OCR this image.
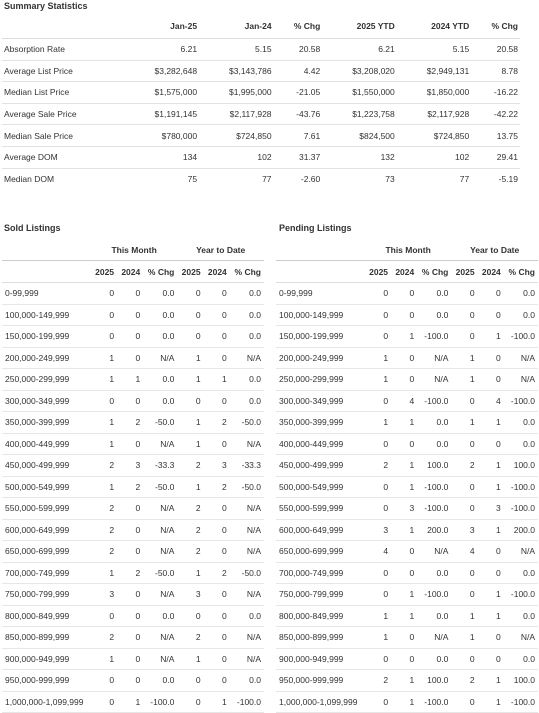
Summary Statistics
	Jan-25	Jan-24	% Chg	2025 YTD	2024 YTD	% Chg
Absorption Rate	6.21	5.15	20.58	6.21	5.15	20.58
Average List Price	$3,282,648	$3,143,786	4.42	$3,208,020	$2,949,131	8.78
Median List Price	$1,575,000	$1,995,000	-21.05	$1,550,000	$1,850,000	-16.22
Average Sale Price	$1,191,145	$2,117,928	-43.76	$1,223,758	$2,117,928	-42.22
Median Sale Price	$780,000	$724,850	7.61	$824,500	$724,850	13.75
Average DOM	134	102	31.37	132	102	29.41
Median DOM	75	77	-2.60	73	77	-5.19
Sold Listings
	This Month			Year to Date		
	2025	2024	% Chg	2025	2024	% Chg
0-99,999	0	0	0.0	0	0	0.0
100,000-149,999	0	0	0.0	0	0	0.0
150,000-199,999	0	0	0.0	0	0	0.0
200,000-249,999	1	0	N/A	1	0	N/A
250,000-299,999	1	1	0.0	1	1	0.0
300,000-349,999	0	0	0.0	0	0	0.0
350,000-399,999	1	2	-50.0	1	2	-50.0
400,000-449,999	1	0	N/A	1	0	N/A
450,000-499,999	2	3	-33.3	2	3	-33.3
500,000-549,999	1	2	-50.0	1	2	-50.0
550,000-599,999	2	0	N/A	2	0	N/A
600,000-649,999	2	0	N/A	2	0	N/A
650,000-699,999	2	0	N/A	2	0	N/A
700,000-749,999	1	2	-50.0	1	2	-50.0
750,000-799,999	3	0	N/A	3	0	N/A
800,000-849,999	0	0	0.0	0	0	0.0
850,000-899,999	2	0	N/A	2	0	N/A
900,000-949,999	1	0	N/A	1	0	N/A
950,000-999,999	0	0	0.0	0	0	0.0
1,000,000-1,099,999	0	1	-100.0	0	1	-100.0
Pending Listings
	This Month			Year to Date		
	2025	2024	% Chg	2025	2024	% Chg
0-99,999	0	0	0.0	0	0	0.0
100,000-149,999	0	0	0.0	0	0	0.0
150,000-199,999	0	1	-100.0	0	1	-100.0
200,000-249,999	1	0	N/A	1	0	N/A
250,000-299,999	1	0	N/A	1	0	N/A
300,000-349,999	0	4	-100.0	0	4	-100.0
350,000-399,999	1	1	0.0	1	1	0.0
400,000-449,999	0	0	0.0	0	0	0.0
450,000-499,999	2	1	100.0	2	1	100.0
500,000-549,999	0	1	-100.0	0	1	-100.0
550,000-599,999	0	3	-100.0	0	3	-100.0
600,000-649,999	3	1	200.0	3	1	200.0
650,000-699,999	4	0	N/A	4	0	N/A
700,000-749,999	0	0	0.0	0	0	0.0
750,000-799,999	0	1	-100.0	0	1	-100.0
800,000-849,999	1	1	0.0	1	1	0.0
850,000-899,999	1	0	N/A	1	0	N/A
900,000-949,999	0	0	0.0	0	0	0.0
950,000-999,999	2	1	100.0	2	1	100.0
1,000,000-1,099,999	0	1	-100.0	0	1	-100.0
